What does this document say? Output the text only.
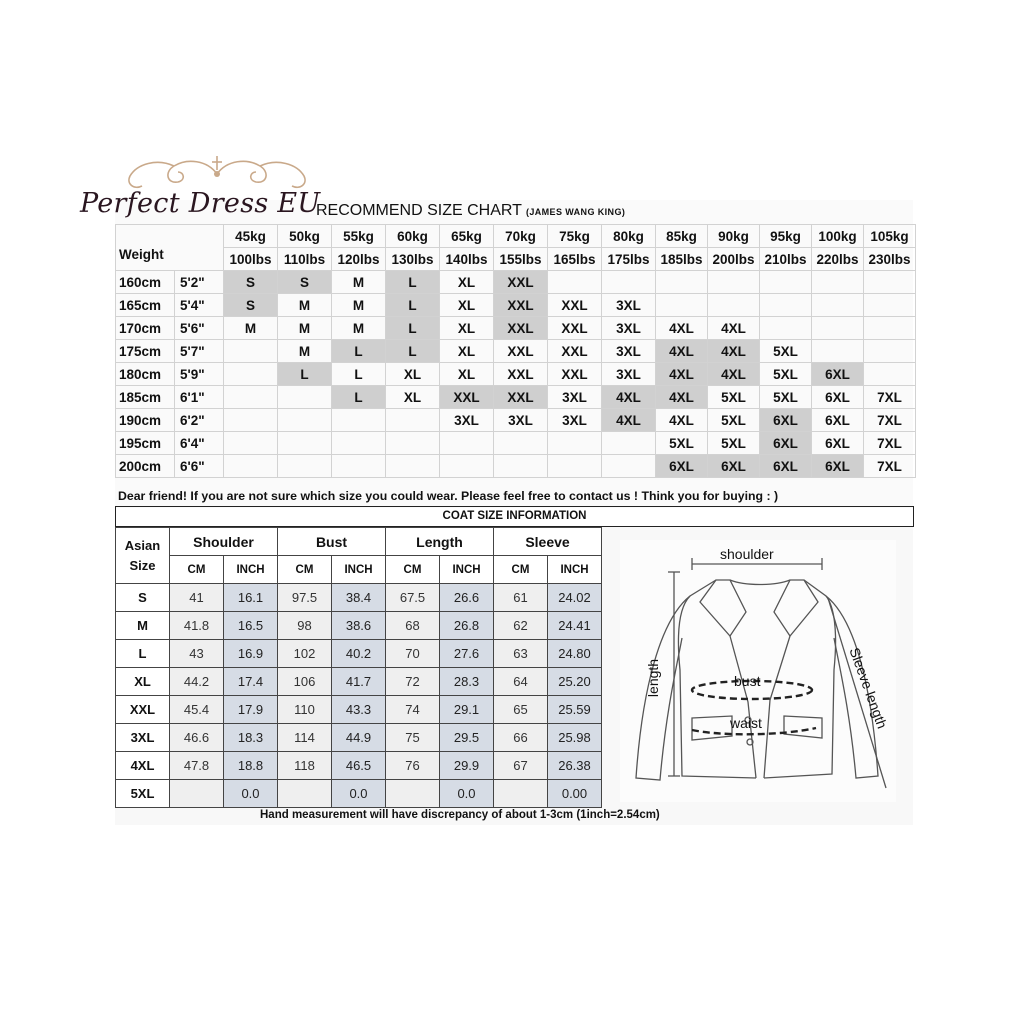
Perfect Dress EU
RECOMMEND SIZE CHART (JAMES WANG KING)
Weight		45kg	50kg	55kg	60kg	65kg	70kg	75kg	80kg	85kg	90kg	95kg	100kg	105kg
		100lbs	110lbs	120lbs	130lbs	140lbs	155lbs	165lbs	175lbs	185lbs	200lbs	210lbs	220lbs	230lbs
160cm	5'2"	S	S	M	L	XL	XXL							
165cm	5'4"	S	M	M	L	XL	XXL	XXL	3XL					
170cm	5'6"	M	M	M	L	XL	XXL	XXL	3XL	4XL	4XL			
175cm	5'7"		M	L	L	XL	XXL	XXL	3XL	4XL	4XL	5XL		
180cm	5'9"		L	L	XL	XL	XXL	XXL	3XL	4XL	4XL	5XL	6XL	
185cm	6'1"			L	XL	XXL	XXL	3XL	4XL	4XL	5XL	5XL	6XL	7XL
190cm	6'2"					3XL	3XL	3XL	4XL	4XL	5XL	6XL	6XL	7XL
195cm	6'4"									5XL	5XL	6XL	6XL	7XL
200cm	6'6"									6XL	6XL	6XL	6XL	7XL
Dear friend! If you are not sure which size you could wear. Please feel free to contact us ! Think you for buying : )
COAT SIZE INFORMATION
Asian
Size	Shoulder		Bust		Length		Sleeve	
	CM	INCH	CM	INCH	CM	INCH	CM	INCH
S	41	16.1	97.5	38.4	67.5	26.6	61	24.02
M	41.8	16.5	98	38.6	68	26.8	62	24.41
L	43	16.9	102	40.2	70	27.6	63	24.80
XL	44.2	17.4	106	41.7	72	28.3	64	25.20
XXL	45.4	17.9	110	43.3	74	29.1	65	25.59
3XL	46.6	18.3	114	44.9	75	29.5	66	25.98
4XL	47.8	18.8	118	46.5	76	29.9	67	26.38
5XL		0.0		0.0		0.0		0.00
Hand measurement will have discrepancy of about 1-3cm (1inch=2.54cm)
shoulder
length	bust
waist	Sleeve length
